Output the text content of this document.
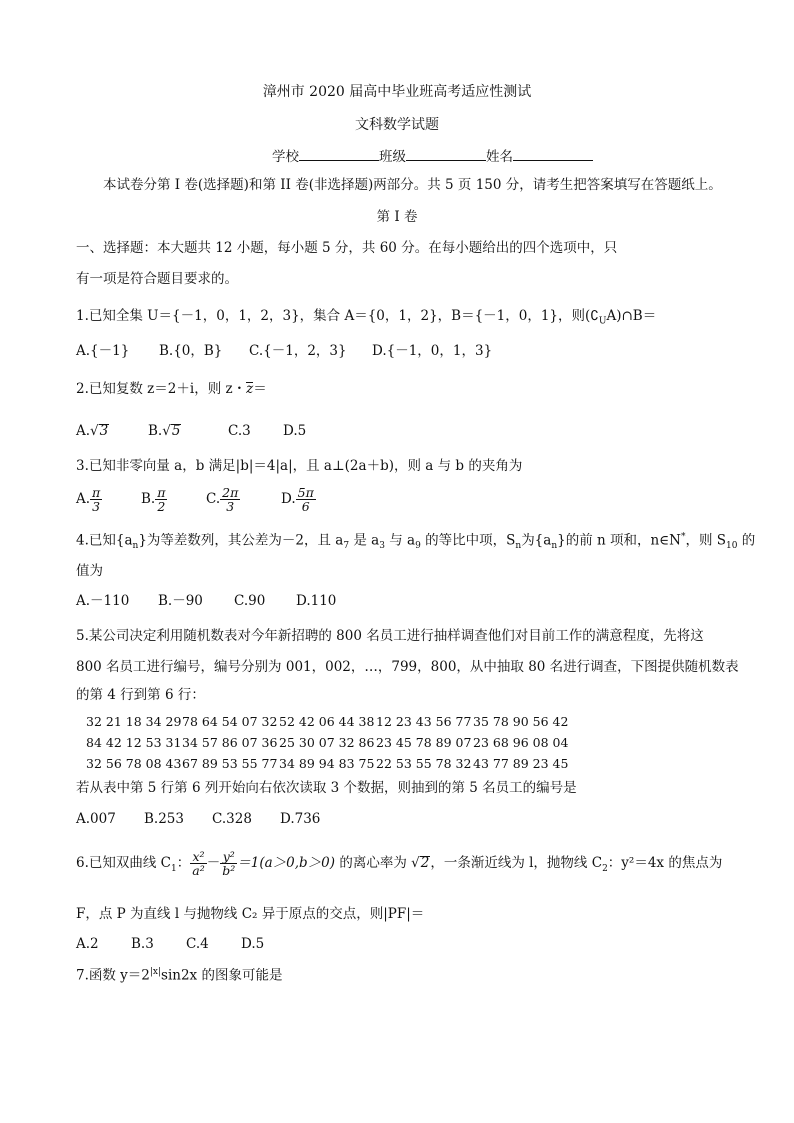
漳州市 2020 届高中毕业班高考适应性测试
文科数学试题
学校	班级	姓名
本试卷分第 I 卷(选择题)和第 II 卷(非选择题)两部分。共 5 页 150 分，请考生把答案填写在答题纸上。
第 I 卷
一、选择题：本大题共 12 小题，每小题 5 分，共 60 分。在每小题给出的四个选项中，只
有一项是符合题目要求的。
1.已知全集 U＝{－1，0，1，2，3}，集合 A＝{0，1，2}，B＝{－1，0，1}，则$(∁_UA)\cap B=$
A.{－1} B.{0，B} C.{－1，2，3} D.{－1，0，1，3}
2.已知复数 z＝2＋i，则 z・z＝
A.√3	B.√5	C.3 D.5
3.已知非零向量 a，b 满足|b|＝4|a|，且 a⊥(2a＋b)，则 a 与 b 的夹角为
A. $\frac{\pi}{3}$	B. $\frac{\pi}{2}$	C. $\frac{2\pi}{3}$	D. $\frac{5\pi}{6}$
4.已知$\{a_n\}$为等差数列，其公差为－2，且 $a_7$ 是 $a_3$ 与 $a_9$ 的等比中项，$S_n$为$\{a_n\}$的前 n 项和，n∈N*，则 $S_{10}$ 的
值为
A.－110 B.－90 C.90 D.110
5.某公司决定利用随机数表对今年新招聘的 800 名员工进行抽样调查他们对目前工作的满意程度，先将这
800 名员工进行编号，编号分别为 001，002，…，799，800，从中抽取 80 名进行调查，下图提供随机数表
的第 4 行到第 6 行：
32 21 18 34 29 78 64 54 07 32 52 42 06 44 38 12 23 43 56 77 35 78 90 56 42
84 42 12 53 31 34 57 86 07 36 25 30 07 32 86 23 45 78 89 07 23 68 96 08 04
32 56 78 08 43 67 89 53 55 77 34 89 94 83 75 22 53 55 78 32 43 77 89 23 45
若从表中第 5 行第 6 列开始向右依次读取 3 个数据，则抽到的第 5 名员工的编号是
A.007 B.253 C.328 D.736
6.已知双曲线 $C_1$： $\frac{\text{x²}}{\text{a²}} - \frac{\text{y²}}{\text{b²}} =1(a>0,b>0)$ 的离心率为 √2，一条渐近线为 l，抛物线 $C_2$：y²＝4x 的焦点为
F，点 P 为直线 l 与抛物线 C₂ 异于原点的交点，则|PF|＝
A.2 B.3 C.4 D.5
7.函数 $y=2^{|x|}\sin 2x$ 的图象可能是
